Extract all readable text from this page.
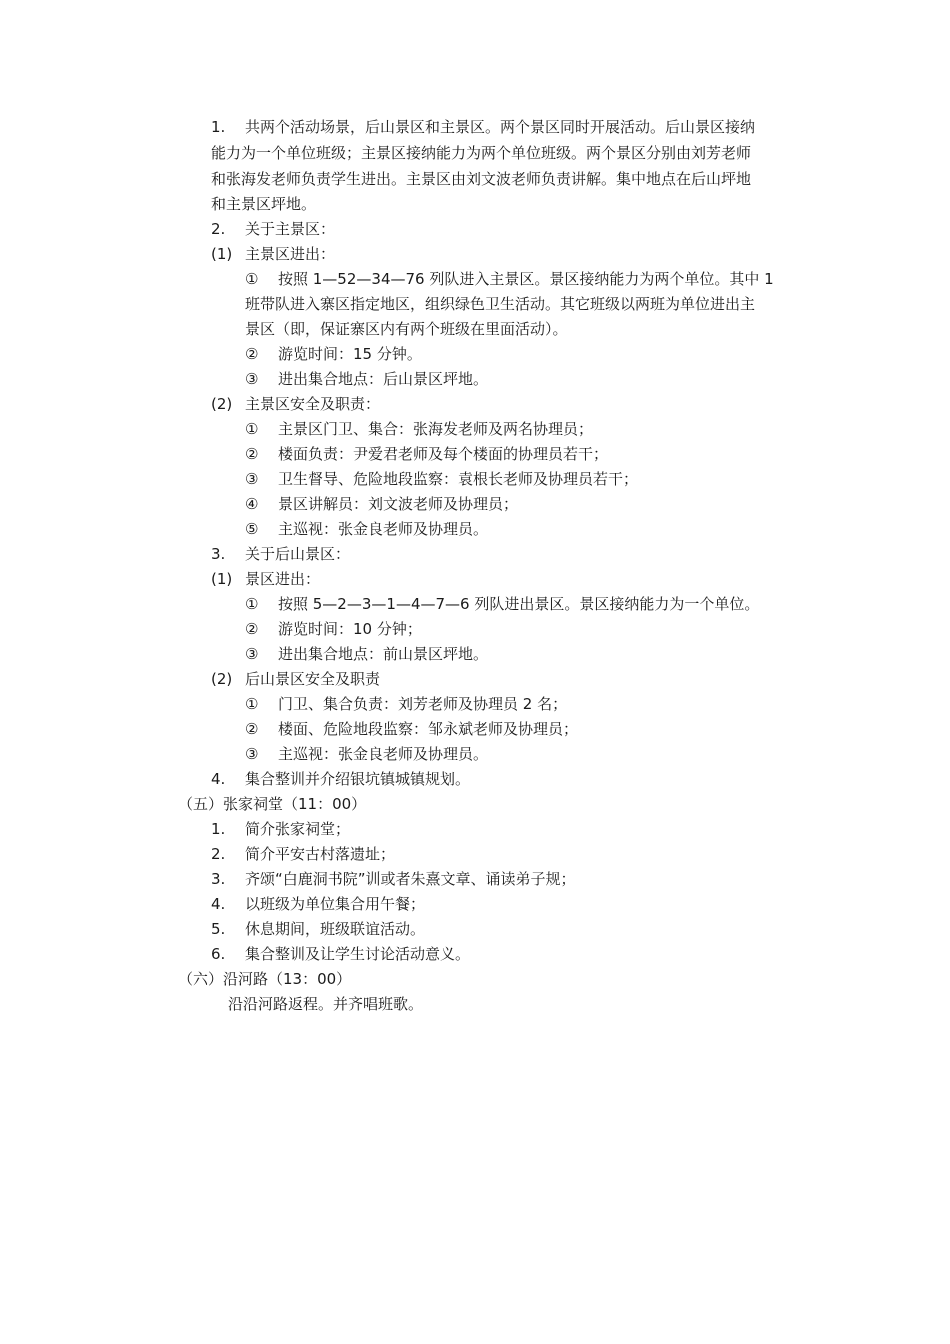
1. 共两个活动场景，后山景区和主景区。两个景区同时开展活动。后山景区接纳
能力为一个单位班级；主景区接纳能力为两个单位班级。两个景区分别由刘芳老师
和张海发老师负责学生进出。主景区由刘文波老师负责讲解。集中地点在后山坪地
和主景区坪地。
2. 关于主景区：
(1) 主景区进出：
① 按照 1—52—34—76 列队进入主景区。景区接纳能力为两个单位。其中 1
班带队进入寨区指定地区，组织绿色卫生活动。其它班级以两班为单位进出主
景区（即，保证寨区内有两个班级在里面活动）。
② 游览时间：15 分钟。
③ 进出集合地点：后山景区坪地。
(2) 主景区安全及职责：
① 主景区门卫、集合：张海发老师及两名协理员；
② 楼面负责：尹爱君老师及每个楼面的协理员若干；
③ 卫生督导、危险地段监察：袁根长老师及协理员若干；
④ 景区讲解员：刘文波老师及协理员；
⑤ 主巡视：张金良老师及协理员。
3. 关于后山景区：
(1) 景区进出：
① 按照 5—2—3—1—4—7—6 列队进出景区。景区接纳能力为一个单位。
② 游览时间：10 分钟；
③ 进出集合地点：前山景区坪地。
(2) 后山景区安全及职责
① 门卫、集合负责：刘芳老师及协理员 2 名；
② 楼面、危险地段监察：邹永斌老师及协理员；
③ 主巡视：张金良老师及协理员。
4. 集合整训并介绍银坑镇城镇规划。
（五）张家祠堂（11：00）
1. 简介张家祠堂；
2. 简介平安古村落遗址；
3. 齐颂“白鹿洞书院”训或者朱熹文章、诵读弟子规；
4. 以班级为单位集合用午餐；
5. 休息期间，班级联谊活动。
6. 集合整训及让学生讨论活动意义。
（六）沿河路（13：00）
沿沿河路返程。并齐唱班歌。
